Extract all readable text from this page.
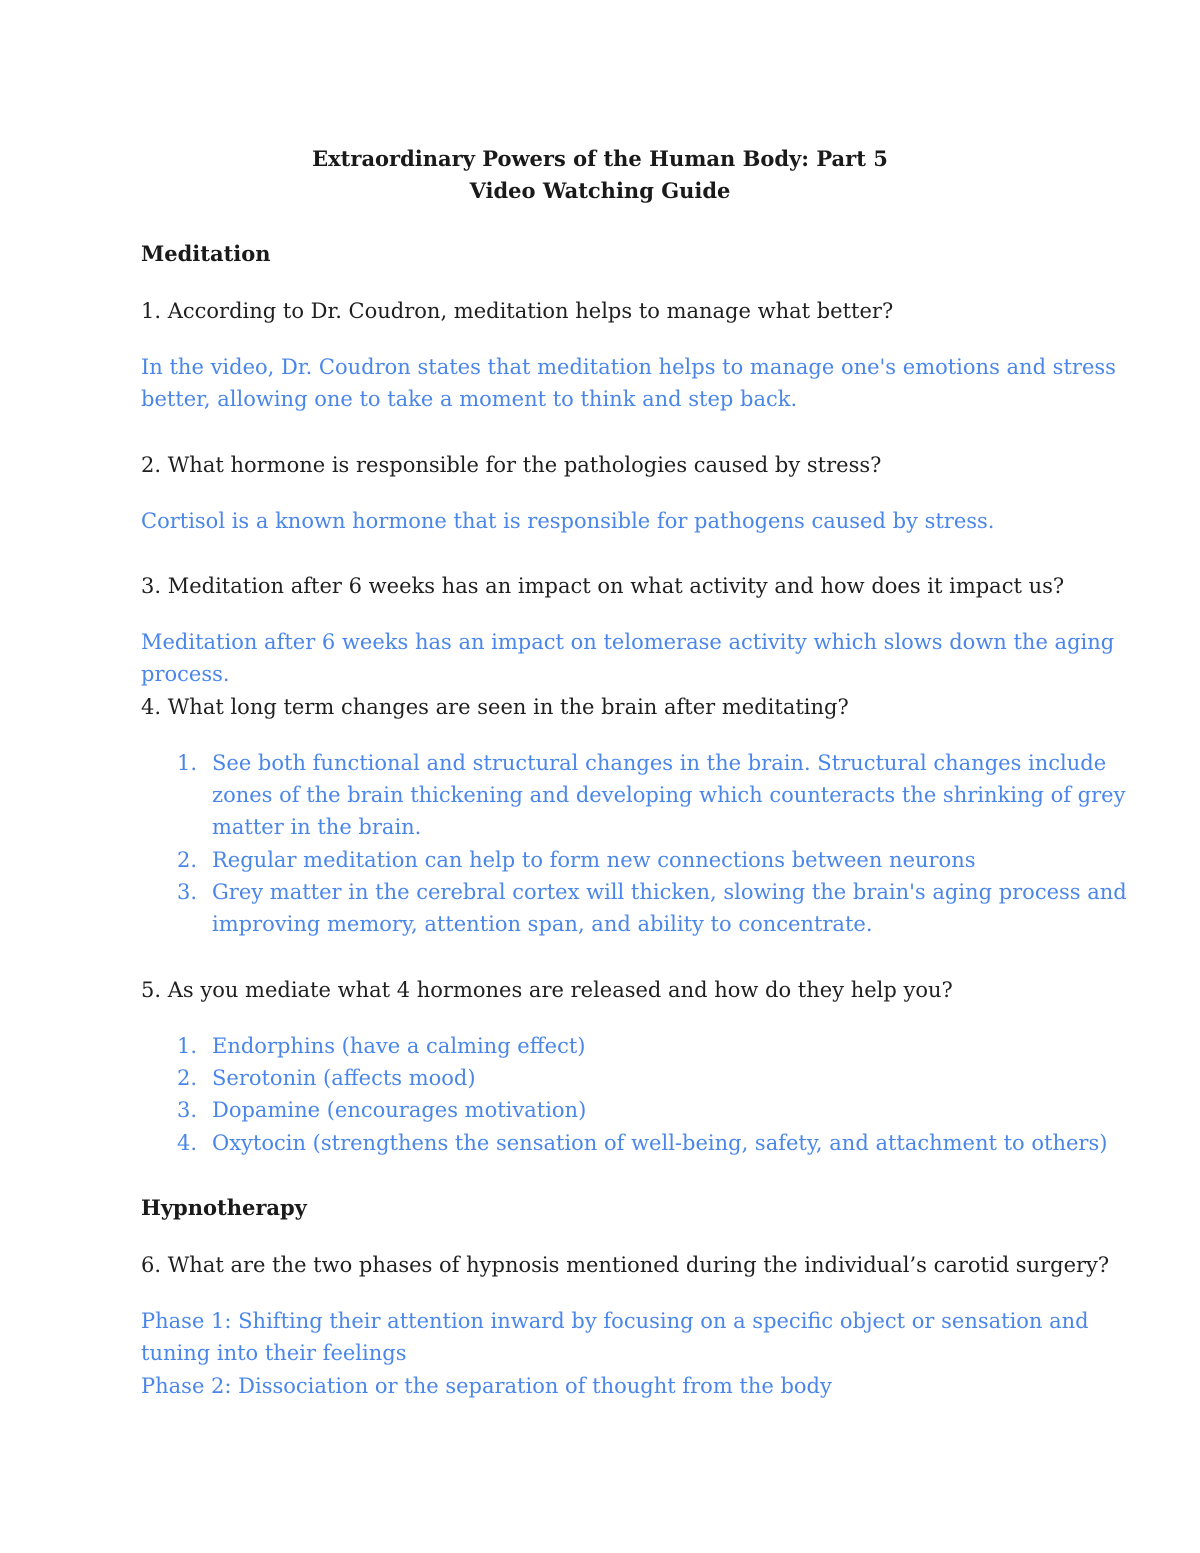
Extraordinary Powers of the Human Body: Part 5
Video Watching Guide
Meditation
1. According to Dr. Coudron, meditation helps to manage what better?
In the video, Dr. Coudron states that meditation helps to manage one's emotions and stress
better, allowing one to take a moment to think and step back.
2. What hormone is responsible for the pathologies caused by stress?
Cortisol is a known hormone that is responsible for pathogens caused by stress.
3. Meditation after 6 weeks has an impact on what activity and how does it impact us?
Meditation after 6 weeks has an impact on telomerase activity which slows down the aging
process.
4. What long term changes are seen in the brain after meditating?
1. See both functional and structural changes in the brain. Structural changes include
zones of the brain thickening and developing which counteracts the shrinking of grey
matter in the brain.
2. Regular meditation can help to form new connections between neurons
3. Grey matter in the cerebral cortex will thicken, slowing the brain's aging process and
improving memory, attention span, and ability to concentrate.
5. As you mediate what 4 hormones are released and how do they help you?
1. Endorphins (have a calming effect)
2. Serotonin (affects mood)
3. Dopamine (encourages motivation)
4. Oxytocin (strengthens the sensation of well-being, safety, and attachment to others)
Hypnotherapy
6. What are the two phases of hypnosis mentioned during the individual’s carotid surgery?
Phase 1: Shifting their attention inward by focusing on a specific object or sensation and
tuning into their feelings
Phase 2: Dissociation or the separation of thought from the body
